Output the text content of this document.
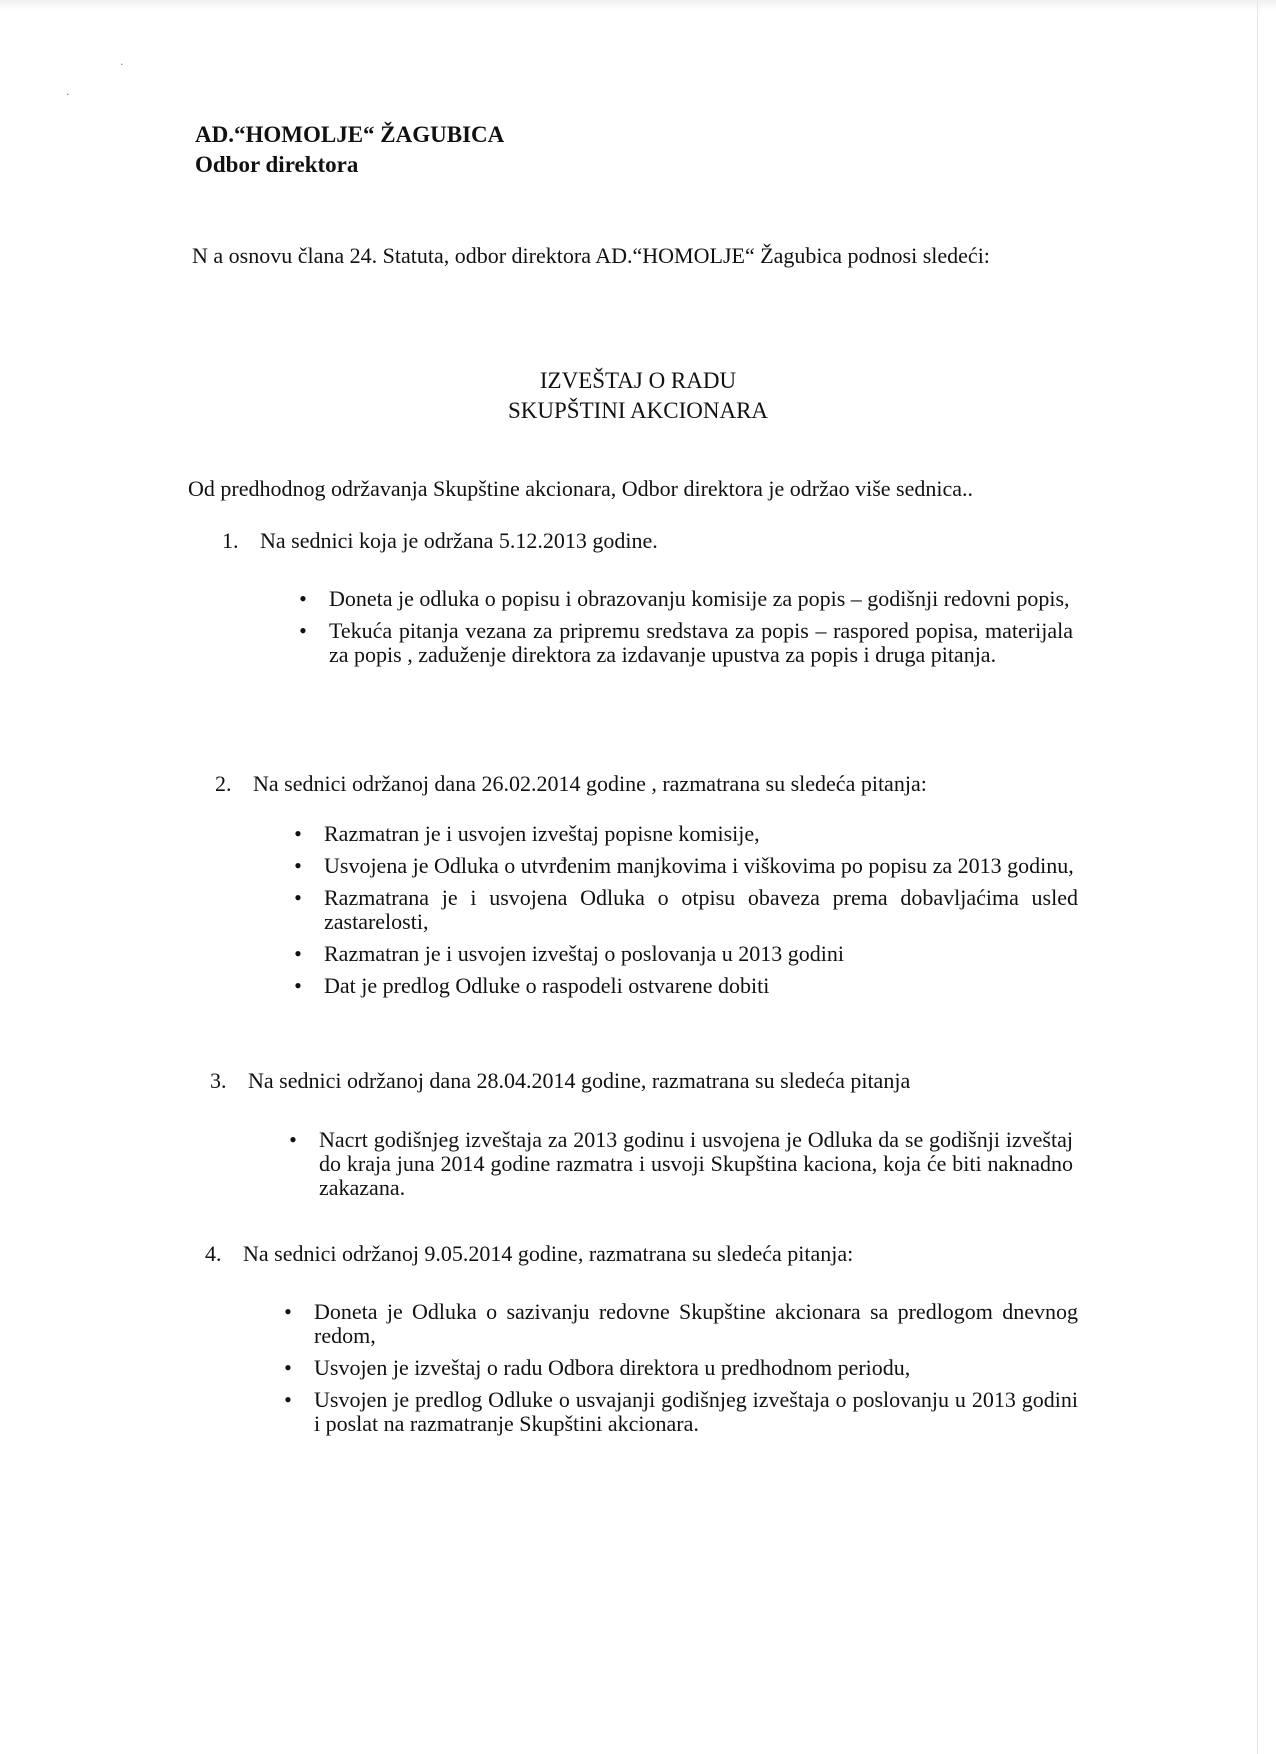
·
·
AD.“HOMOLJE“ ŽAGUBICA
Odbor direktora
N a osnovu člana 24. Statuta, odbor direktora AD.“HOMOLJE“ Žagubica podnosi sledeći:
IZVEŠTAJ O RADU
SKUPŠTINI AKCIONARA
Od predhodnog održavanja Skupštine akcionara, Odbor direktora je održao više sednica..
1. Na sednici koja je održana 5.12.2013 godine.
• Doneta je odluka o popisu i obrazovanju komisije za popis – godišnji redovni popis,
• Tekuća pitanja vezana za pripremu sredstava za popis – raspored popisa, materijala za popis , zaduženje direktora za izdavanje upustva za popis i druga pitanja.
2. Na sednici održanoj dana 26.02.2014 godine , razmatrana su sledeća pitanja:
• Razmatran je i usvojen izveštaj popisne komisije,
• Usvojena je Odluka o utvrđenim manjkovima i viškovima po popisu za 2013 godinu,
• Razmatrana je i usvojena Odluka o otpisu obaveza prema dobavljaćima usled zastarelosti,
• Razmatran je i usvojen izveštaj o poslovanja u 2013 godini
• Dat je predlog Odluke o raspodeli ostvarene dobiti
3. Na sednici održanoj dana 28.04.2014 godine, razmatrana su sledeća pitanja
• Nacrt godišnjeg izveštaja za 2013 godinu i usvojena je Odluka da se godišnji izveštaj do kraja juna 2014 godine razmatra i usvoji Skupština kaciona, koja će biti naknadno zakazana.
4. Na sednici održanoj 9.05.2014 godine, razmatrana su sledeća pitanja:
• Doneta je Odluka o sazivanju redovne Skupštine akcionara sa predlogom dnevnog redom,
• Usvojen je izveštaj o radu Odbora direktora u predhodnom periodu,
• Usvojen je predlog Odluke o usvajanji godišnjeg izveštaja o poslovanju u 2013 godini i poslat na razmatranje Skupštini akcionara.
